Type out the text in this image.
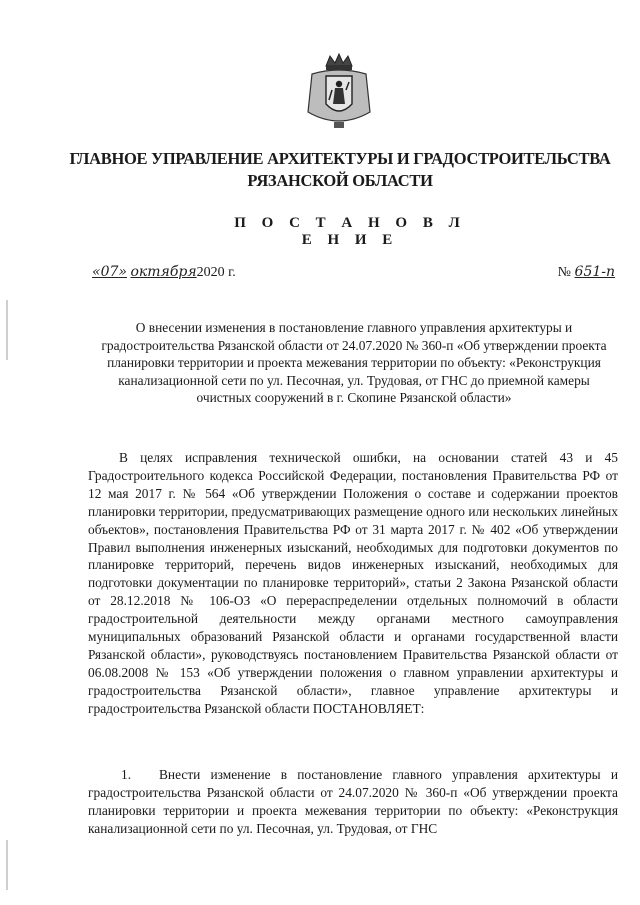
ГЛАВНОЕ УПРАВЛЕНИЕ АРХИТЕКТУРЫ И ГРАДОСТРОИТЕЛЬСТВА
РЯЗАНСКОЙ ОБЛАСТИ
П О С Т А Н О В Л Е Н И Е
«07» октября2020 г.	№ 651-п
О внесении изменения в постановление главного управления архитектуры и градостроительства Рязанской области от 24.07.2020 № 360-п «Об утверждении проекта планировки территории и проекта межевания территории по объекту: «Реконструкция канализационной сети по ул. Песочная, ул. Трудовая, от ГНС до приемной камеры очистных сооружений в г. Скопине Рязанской области»
В целях исправления технической ошибки, на основании статей 43 и 45 Градостроительного кодекса Российской Федерации, постановления Правительства РФ от 12 мая 2017 г. № 564 «Об утверждении Положения о составе и содержании проектов планировки территории, предусматривающих размещение одного или нескольких линейных объектов», постановления Правительства РФ от 31 марта 2017 г. № 402 «Об утверждении Правил выполнения инженерных изысканий, необходимых для подготовки документов по планировке территорий, перечень видов инженерных изысканий, необходимых для подготовки документации по планировке территорий», статьи 2 Закона Рязанской области от 28.12.2018 № 106-ОЗ «О перераспределении отдельных полномочий в области градостроительной деятельности между органами местного самоуправления муниципальных образований Рязанской области и органами государственной власти Рязанской области», руководствуясь постановлением Правительства Рязанской области от 06.08.2008 № 153 «Об утверждении положения о главном управлении архитектуры и градостроительства Рязанской области», главное управление архитектуры и градостроительства Рязанской области ПОСТАНОВЛЯЕТ:
1. Внести изменение в постановление главного управления архитектуры и градостроительства Рязанской области от 24.07.2020 № 360-п «Об утверждении проекта планировки территории и проекта межевания территории по объекту: «Реконструкция канализационной сети по ул. Песочная, ул. Трудовая, от ГНС
